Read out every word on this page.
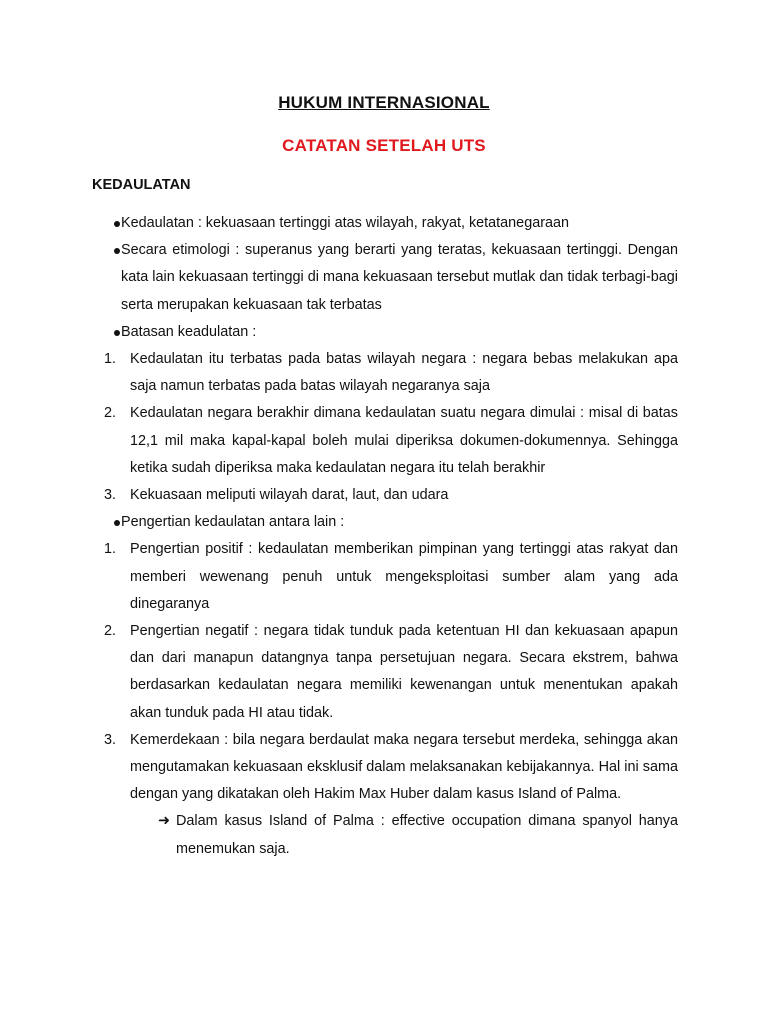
HUKUM INTERNASIONAL
CATATAN SETELAH UTS
KEDAULATAN
Kedaulatan : kekuasaan tertinggi atas wilayah, rakyat, ketatanegaraan
Secara etimologi : superanus yang berarti yang teratas, kekuasaan tertinggi. Dengan kata lain kekuasaan tertinggi di mana kekuasaan tersebut mutlak dan tidak terbagi-bagi serta merupakan kekuasaan tak terbatas
Batasan keadulatan :
1. Kedaulatan itu terbatas pada batas wilayah negara : negara bebas melakukan apa saja namun terbatas pada batas wilayah negaranya saja
2. Kedaulatan negara berakhir dimana kedaulatan suatu negara dimulai : misal di batas 12,1 mil maka kapal-kapal boleh mulai diperiksa dokumen-dokumennya. Sehingga ketika sudah diperiksa maka kedaulatan negara itu telah berakhir
3. Kekuasaan meliputi wilayah darat, laut, dan udara
Pengertian kedaulatan antara lain :
1. Pengertian positif : kedaulatan memberikan pimpinan yang tertinggi atas rakyat dan memberi wewenang penuh untuk mengeksploitasi sumber alam yang ada dinegaranya
2. Pengertian negatif : negara tidak tunduk pada ketentuan HI dan kekuasaan apapun dan dari manapun datangnya tanpa persetujuan negara. Secara ekstrem, bahwa berdasarkan kedaulatan negara memiliki kewenangan untuk menentukan apakah akan tunduk pada HI atau tidak.
3. Kemerdekaan : bila negara berdaulat maka negara tersebut merdeka, sehingga akan mengutamakan kekuasaan eksklusif dalam melaksanakan kebijakannya. Hal ini sama dengan yang dikatakan oleh Hakim Max Huber dalam kasus Island of Palma.
➜ Dalam kasus Island of Palma : effective occupation dimana spanyol hanya menemukan saja.
